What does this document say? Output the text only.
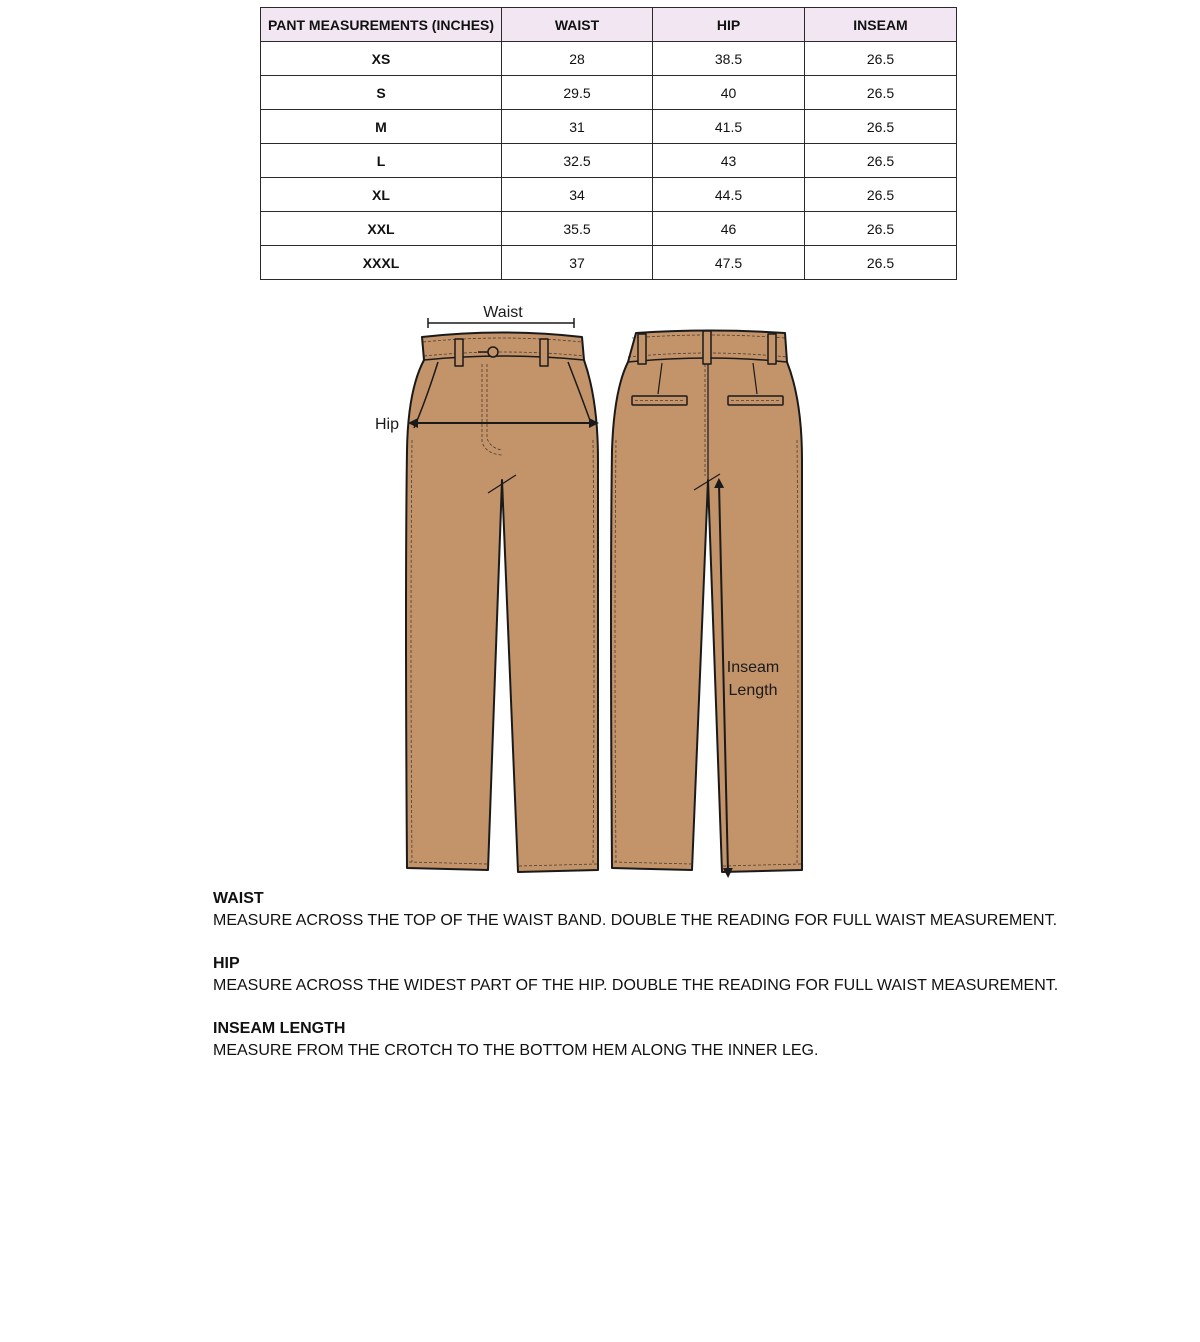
PANT MEASUREMENTS (INCHES)	WAIST	HIP	INSEAM
XS	28	38.5	26.5
S	29.5	40	26.5
M	31	41.5	26.5
L	32.5	43	26.5
XL	34	44.5	26.5
XXL	35.5	46	26.5
XXXL	37	47.5	26.5
Waist
Hip
Inseam
Length
WAIST
MEASURE ACROSS THE TOP OF THE WAIST BAND. DOUBLE THE READING FOR FULL WAIST MEASUREMENT.
HIP
MEASURE ACROSS THE WIDEST PART OF THE HIP. DOUBLE THE READING FOR FULL WAIST MEASUREMENT.
INSEAM LENGTH
MEASURE FROM THE CROTCH TO THE BOTTOM HEM ALONG THE INNER LEG.
